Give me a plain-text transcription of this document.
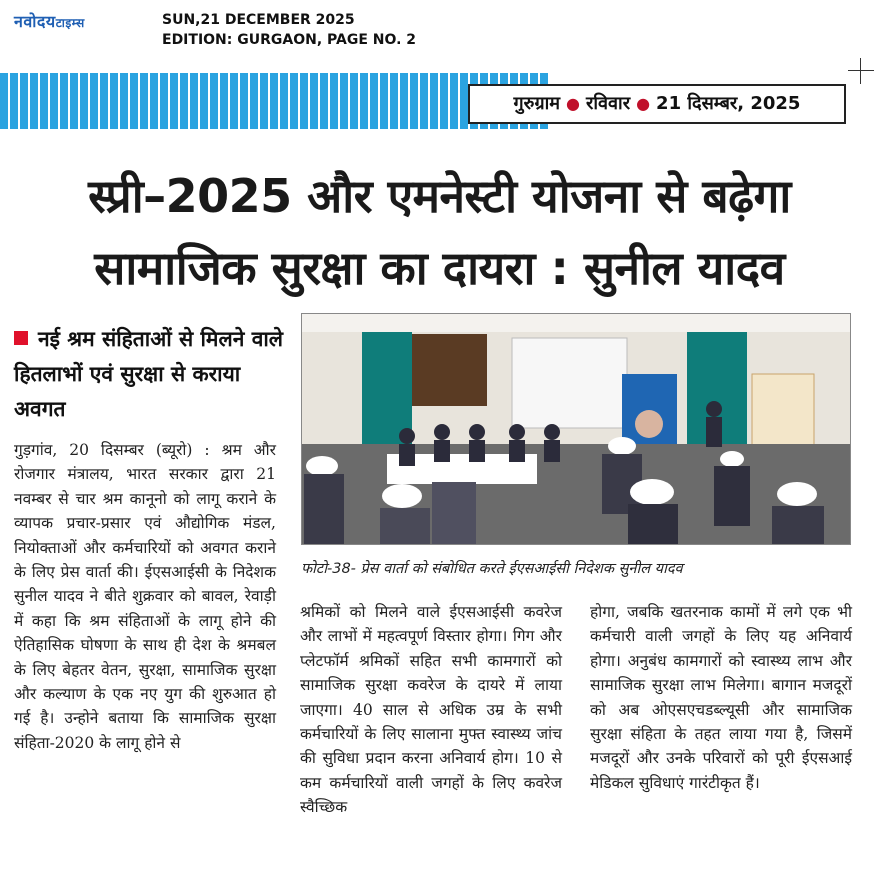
नवोदयटाइम्स	SUN,21 DECEMBER 2025
EDITION: GURGAON, PAGE NO. 2
गुरुग्राम ● रविवार ● 21 दिसम्बर, 2025
स्प्री–2025 और एमनेस्टी योजना से बढ़ेगा
सामाजिक सुरक्षा का दायरा : सुनील यादव
नई श्रम संहिताओं से मिलने वाले हितलाभों एवं सुरक्षा से कराया अवगत
गुड़गांव, 20 दिसम्बर (ब्यूरो) : श्रम और रोजगार मंत्रालय, भारत सरकार द्वारा 21 नवम्बर से चार श्रम कानूनो को लागू कराने के व्यापक प्रचार-प्रसार एवं औद्योगिक मंडल, नियोक्ताओं और कर्मचारियों को अवगत कराने के लिए प्रेस वार्ता की। ईएसआईसी के निदेशक सुनील यादव ने बीते शुक्रवार को बावल, रेवाड़ी में कहा कि श्रम संहिताओं के लागू होने की ऐतिहासिक घोषणा के साथ ही देश के श्रमबल के लिए बेहतर वेतन, सुरक्षा, सामाजिक सुरक्षा और कल्याण के एक नए युग की शुरुआत हो गई है। उन्होने बताया कि सामाजिक सुरक्षा संहिता-2020 के लागू होने से
फोटो-38- प्रेस वार्ता को संबोधित करते ईएसआईसी निदेशक सुनील यादव
श्रमिकों को मिलने वाले ईएसआईसी कवरेज और लाभों में महत्वपूर्ण विस्तार होगा। गिग और प्लेटफॉर्म श्रमिकों सहित सभी कामगारों को सामाजिक सुरक्षा कवरेज के दायरे में लाया जाएगा। 40 साल से अधिक उम्र के सभी कर्मचारियों के लिए सालाना मुफ्त स्वास्थ्य जांच की सुविधा प्रदान करना अनिवार्य होग। 10 से कम कर्मचारियों वाली जगहों के लिए कवरेज स्वैच्छिक
होगा, जबकि खतरनाक कामों में लगे एक भी कर्मचारी वाली जगहों के लिए यह अनिवार्य होगा। अनुबंध कामगारों को स्वास्थ्य लाभ और सामाजिक सुरक्षा लाभ मिलेगा। बागान मजदूरों को अब ओएसएचडब्ल्यूसी और सामाजिक सुरक्षा संहिता के तहत लाया गया है, जिसमें मजदूरों और उनके परिवारों को पूरी ईएसआई मेडिकल सुविधाएं गारंटीकृत हैं।
